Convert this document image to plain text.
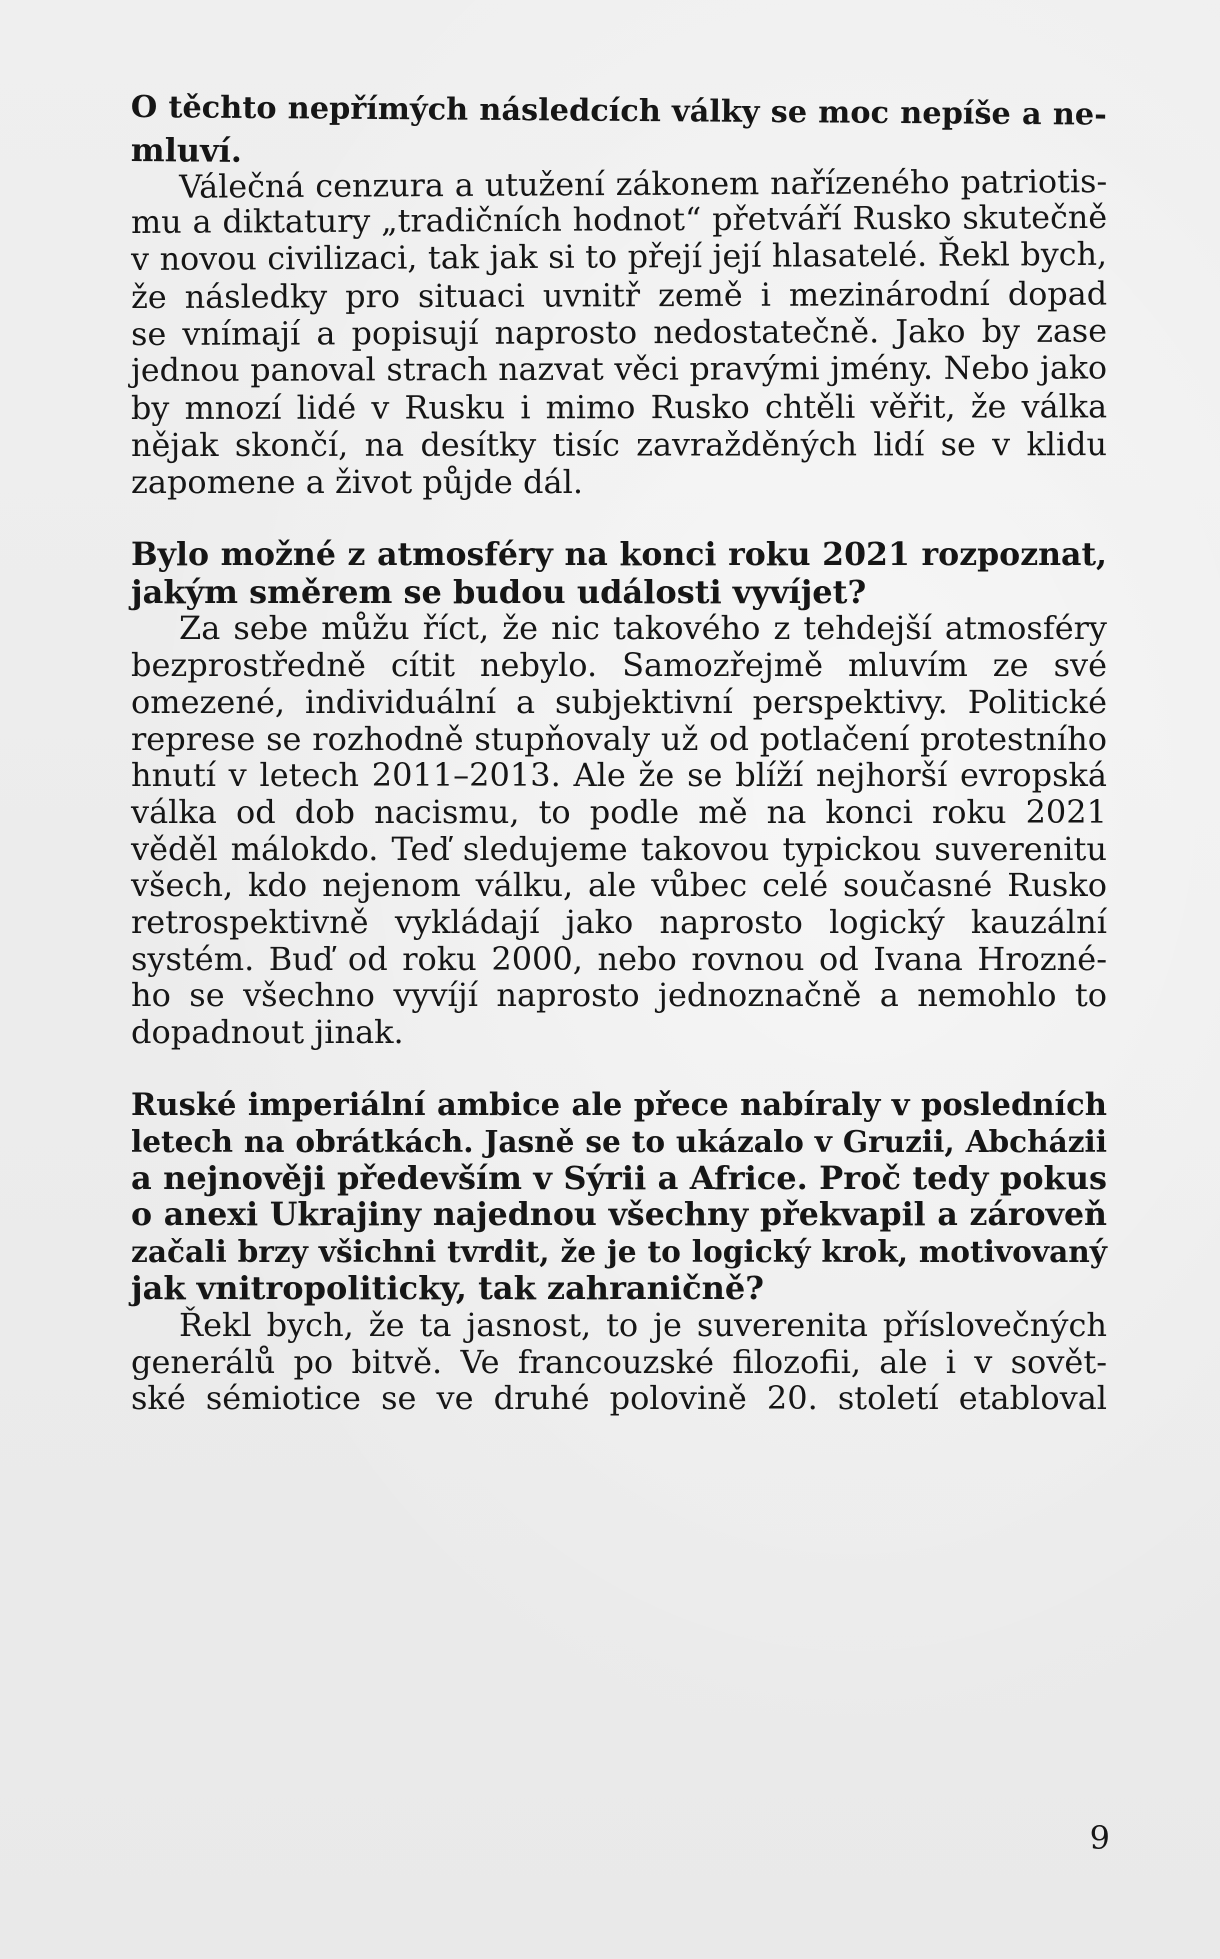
O těchto nepřímých následcích války se moc nepíše a ne-
mluví.
Válečná cenzura a utužení zákonem nařízeného patriotis-
mu a diktatury „tradičních hodnot“ přetváří Rusko skutečně
v novou civilizaci, tak jak si to přejí její hlasatelé. Řekl bych,
že následky pro situaci uvnitř země i mezinárodní dopad
se vnímají a popisují naprosto nedostatečně. Jako by zase
jednou panoval strach nazvat věci pravými jmény. Nebo jako
by mnozí lidé v Rusku i mimo Rusko chtěli věřit, že válka
nějak skončí, na desítky tisíc zavražděných lidí se v klidu
zapomene a život půjde dál.
Bylo možné z atmosféry na konci roku 2021 rozpoznat,
jakým směrem se budou události vyvíjet?
Za sebe můžu říct, že nic takového z tehdejší atmosféry
bezprostředně cítit nebylo. Samozřejmě mluvím ze své
omezené, individuální a subjektivní perspektivy. Politické
represe se rozhodně stupňovaly už od potlačení protestního
hnutí v letech 2011–2013. Ale že se blíží nejhorší evropská
válka od dob nacismu, to podle mě na konci roku 2021
věděl málokdo. Teď sledujeme takovou typickou suverenitu
všech, kdo nejenom válku, ale vůbec celé současné Rusko
retrospektivně vykládají jako naprosto logický kauzální
systém. Buď od roku 2000, nebo rovnou od Ivana Hrozné-
ho se všechno vyvíjí naprosto jednoznačně a nemohlo to
dopadnout jinak.
Ruské imperiální ambice ale přece nabíraly v posledních
letech na obrátkách. Jasně se to ukázalo v Gruzii, Abcházii
a nejnověji především v Sýrii a Africe. Proč tedy pokus
o anexi Ukrajiny najednou všechny překvapil a zároveň
začali brzy všichni tvrdit, že je to logický krok, motivovaný
jak vnitropoliticky, tak zahraničně?
Řekl bych, že ta jasnost, to je suverenita příslovečných
generálů po bitvě. Ve francouzské filozofii, ale i v sovět-
ské sémiotice se ve druhé polovině 20. století etabloval
9
